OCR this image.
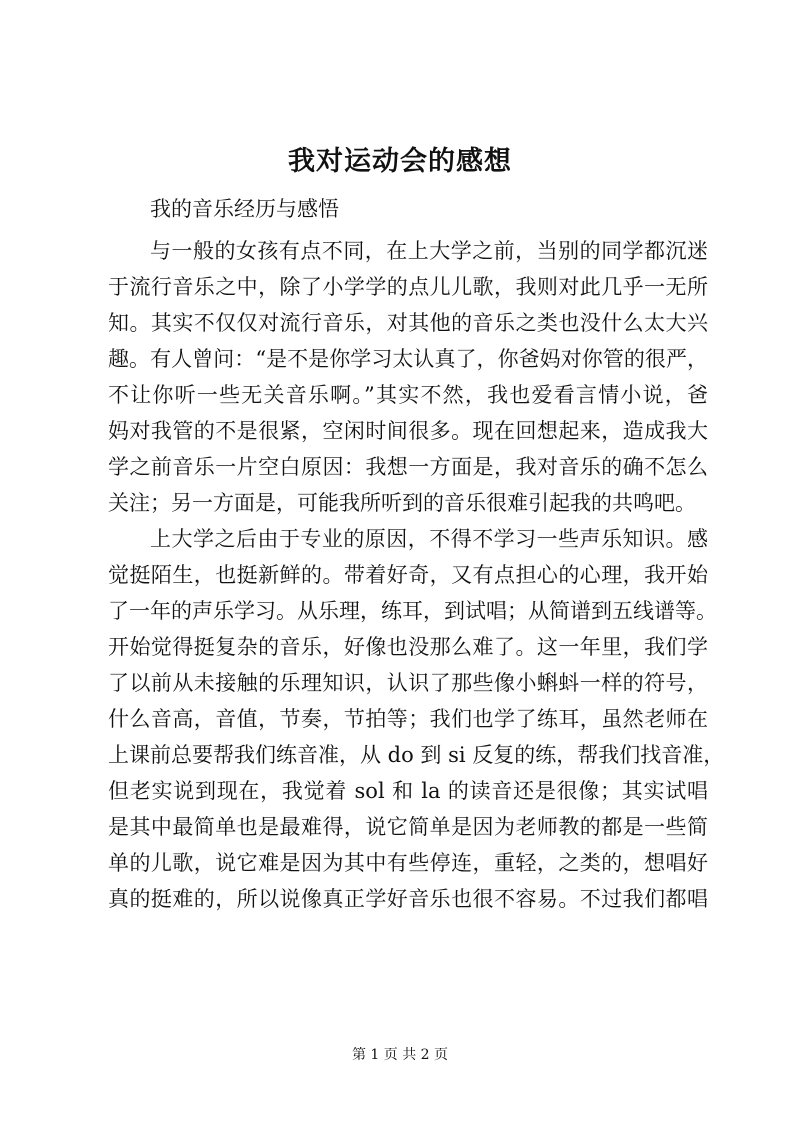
我对运动会的感想

我的音乐经历与感悟

与一般的女孩有点不同，在上大学之前，当别的同学都沉迷

于流行音乐之中，除了小学学的点儿儿歌，我则对此几乎一无所

知。其实不仅仅对流行音乐，对其他的音乐之类也没什么太大兴

趣。有人曾问：“是不是你学习太认真了，你爸妈对你管的很严，

不让你听一些无关音乐啊。”其实不然，我也爱看言情小说，爸

妈对我管的不是很紧，空闲时间很多。现在回想起来，造成我大

学之前音乐一片空白原因：我想一方面是，我对音乐的确不怎么

关注；另一方面是，可能我所听到的音乐很难引起我的共鸣吧。

上大学之后由于专业的原因，不得不学习一些声乐知识。感

觉挺陌生，也挺新鲜的。带着好奇，又有点担心的心理，我开始

了一年的声乐学习。从乐理，练耳，到试唱；从简谱到五线谱等。

开始觉得挺复杂的音乐，好像也没那么难了。这一年里，我们学

了以前从未接触的乐理知识，认识了那些像小蝌蚪一样的符号，

什么音高，音值，节奏，节拍等；我们也学了练耳，虽然老师在

上课前总要帮我们练音准，从 do 到 si 反复的练，帮我们找音准，

但老实说到现在，我觉着 sol 和 la 的读音还是很像；其实试唱

是其中最简单也是最难得，说它简单是因为老师教的都是一些简

单的儿歌，说它难是因为其中有些停连，重轻，之类的，想唱好

真的挺难的，所以说像真正学好音乐也很不容易。不过我们都唱

第 1 页 共 2 页
